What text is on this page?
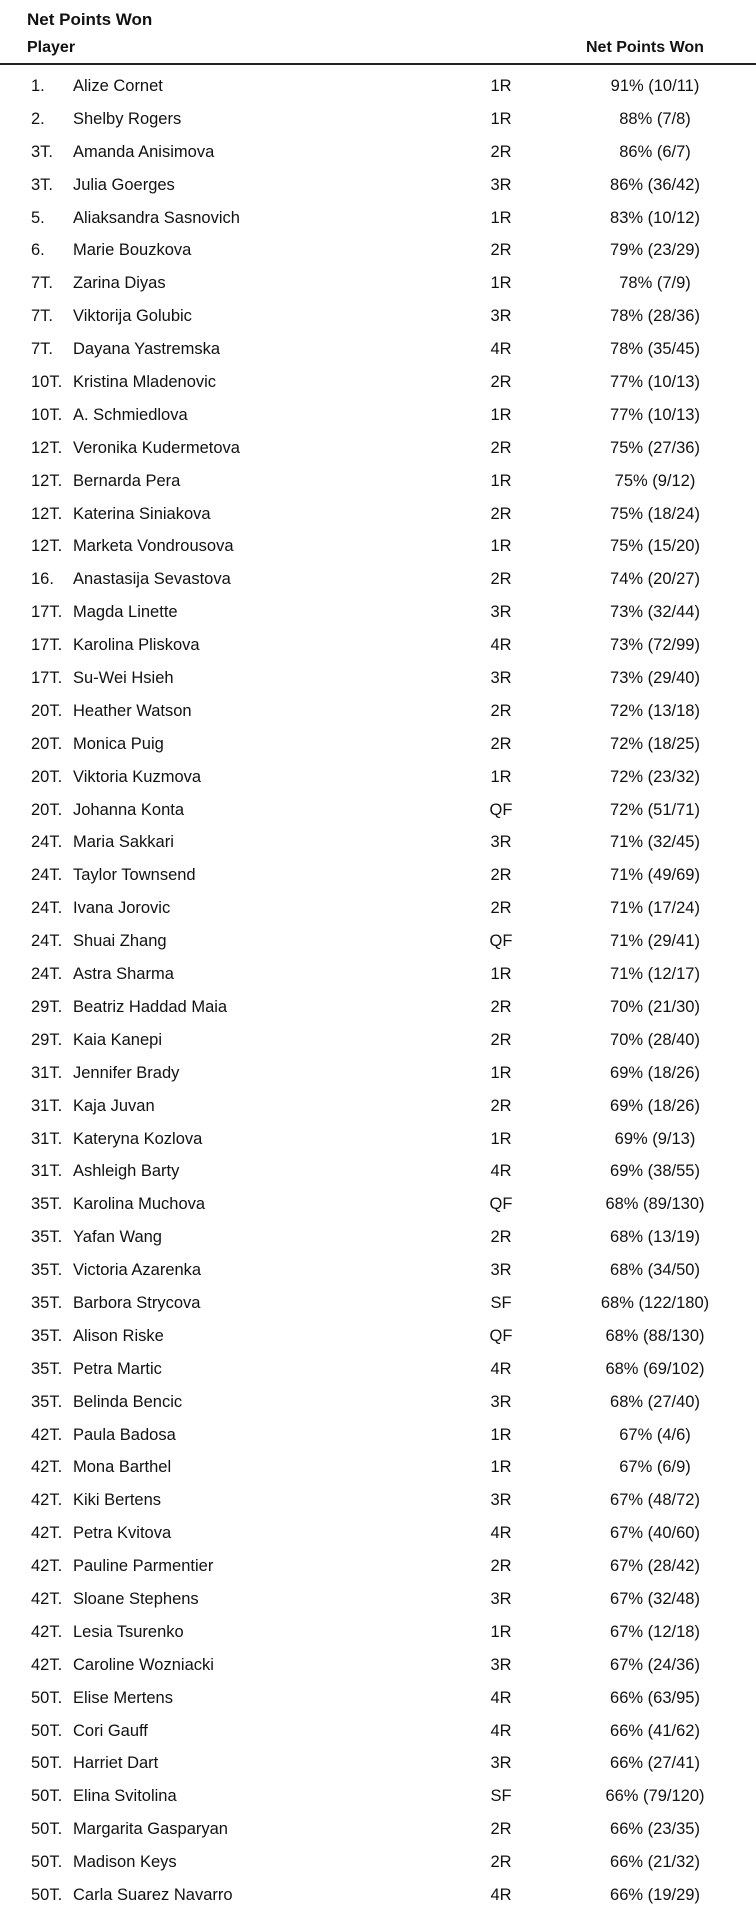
Net Points Won
Player	Net Points Won
1. Alize Cornet	1R	91% (10/11)
2. Shelby Rogers	1R	88% (7/8)
3T. Amanda Anisimova	2R	86% (6/7)
3T. Julia Goerges	3R	86% (36/42)
5. Aliaksandra Sasnovich	1R	83% (10/12)
6. Marie Bouzkova	2R	79% (23/29)
7T. Zarina Diyas	1R	78% (7/9)
7T. Viktorija Golubic	3R	78% (28/36)
7T. Dayana Yastremska	4R	78% (35/45)
10T. Kristina Mladenovic	2R	77% (10/13)
10T. A. Schmiedlova	1R	77% (10/13)
12T. Veronika Kudermetova	2R	75% (27/36)
12T. Bernarda Pera	1R	75% (9/12)
12T. Katerina Siniakova	2R	75% (18/24)
12T. Marketa Vondrousova	1R	75% (15/20)
16. Anastasija Sevastova	2R	74% (20/27)
17T. Magda Linette	3R	73% (32/44)
17T. Karolina Pliskova	4R	73% (72/99)
17T. Su-Wei Hsieh	3R	73% (29/40)
20T. Heather Watson	2R	72% (13/18)
20T. Monica Puig	2R	72% (18/25)
20T. Viktoria Kuzmova	1R	72% (23/32)
20T. Johanna Konta	QF	72% (51/71)
24T. Maria Sakkari	3R	71% (32/45)
24T. Taylor Townsend	2R	71% (49/69)
24T. Ivana Jorovic	2R	71% (17/24)
24T. Shuai Zhang	QF	71% (29/41)
24T. Astra Sharma	1R	71% (12/17)
29T. Beatriz Haddad Maia	2R	70% (21/30)
29T. Kaia Kanepi	2R	70% (28/40)
31T. Jennifer Brady	1R	69% (18/26)
31T. Kaja Juvan	2R	69% (18/26)
31T. Kateryna Kozlova	1R	69% (9/13)
31T. Ashleigh Barty	4R	69% (38/55)
35T. Karolina Muchova	QF	68% (89/130)
35T. Yafan Wang	2R	68% (13/19)
35T. Victoria Azarenka	3R	68% (34/50)
35T. Barbora Strycova	SF	68% (122/180)
35T. Alison Riske	QF	68% (88/130)
35T. Petra Martic	4R	68% (69/102)
35T. Belinda Bencic	3R	68% (27/40)
42T. Paula Badosa	1R	67% (4/6)
42T. Mona Barthel	1R	67% (6/9)
42T. Kiki Bertens	3R	67% (48/72)
42T. Petra Kvitova	4R	67% (40/60)
42T. Pauline Parmentier	2R	67% (28/42)
42T. Sloane Stephens	3R	67% (32/48)
42T. Lesia Tsurenko	1R	67% (12/18)
42T. Caroline Wozniacki	3R	67% (24/36)
50T. Elise Mertens	4R	66% (63/95)
50T. Cori Gauff	4R	66% (41/62)
50T. Harriet Dart	3R	66% (27/41)
50T. Elina Svitolina	SF	66% (79/120)
50T. Margarita Gasparyan	2R	66% (23/35)
50T. Madison Keys	2R	66% (21/32)
50T. Carla Suarez Navarro	4R	66% (19/29)
